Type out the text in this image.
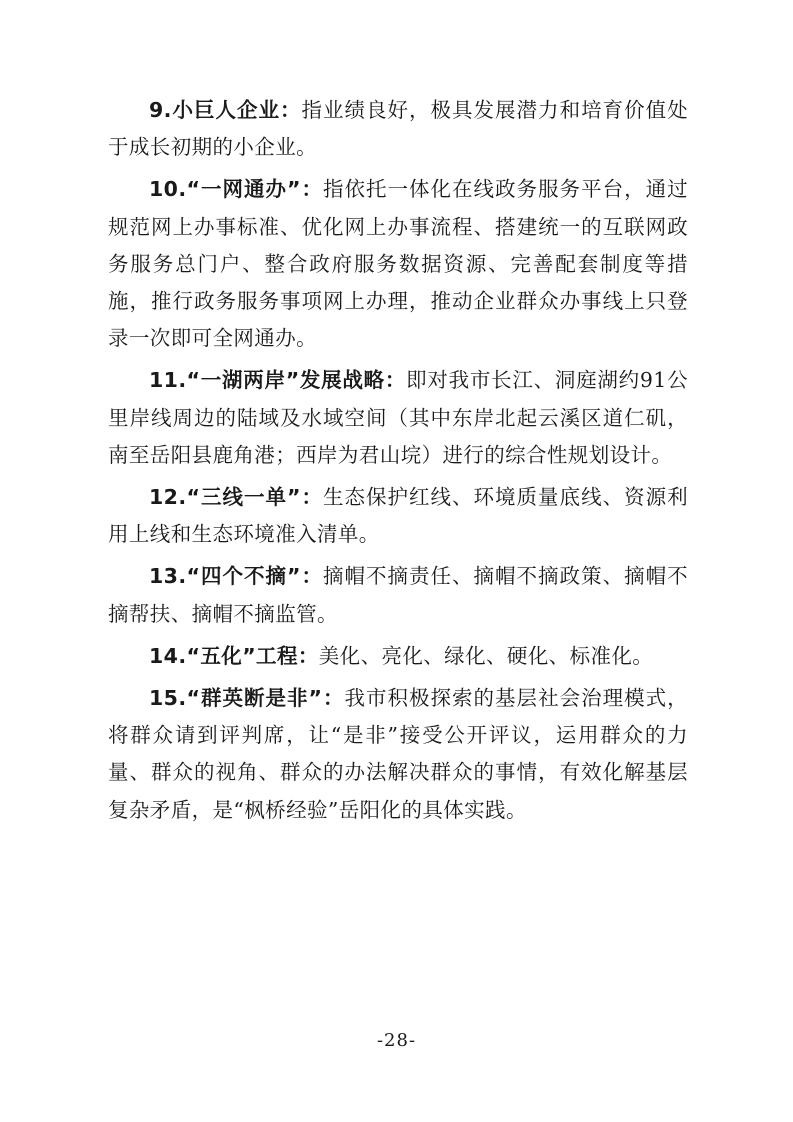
9.小巨人企业：指业绩良好，极具发展潜力和培育价值处于成长初期的小企业。

10.“一网通办”：指依托一体化在线政务服务平台，通过规范网上办事标准、优化网上办事流程、搭建统一的互联网政务服务总门户、整合政府服务数据资源、完善配套制度等措施，推行政务服务事项网上办理，推动企业群众办事线上只登录一次即可全网通办。

11.“一湖两岸”发展战略：即对我市长江、洞庭湖约91公里岸线周边的陆域及水域空间（其中东岸北起云溪区道仁矶，南至岳阳县鹿角港；西岸为君山垸）进行的综合性规划设计。

12.“三线一单”：生态保护红线、环境质量底线、资源利用上线和生态环境准入清单。

13.“四个不摘”：摘帽不摘责任、摘帽不摘政策、摘帽不摘帮扶、摘帽不摘监管。

14.“五化”工程：美化、亮化、绿化、硬化、标准化。

15.“群英断是非”：我市积极探索的基层社会治理模式，将群众请到评判席，让“是非”接受公开评议，运用群众的力量、群众的视角、群众的办法解决群众的事情，有效化解基层复杂矛盾，是“枫桥经验”岳阳化的具体实践。

-28-
